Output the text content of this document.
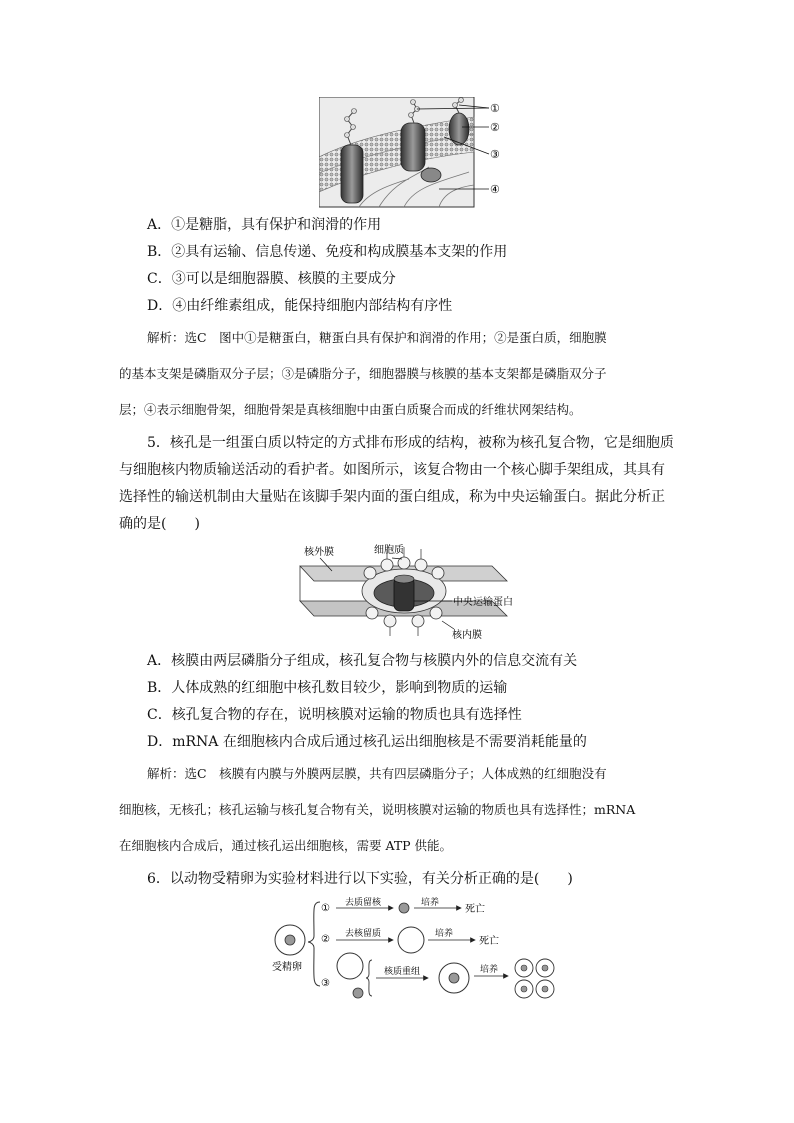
①
②
③
④
A．①是糖脂，具有保护和润滑的作用
B．②具有运输、信息传递、免疫和构成膜基本支架的作用
C．③可以是细胞器膜、核膜的主要成分
D．④由纤维素组成，能保持细胞内部结构有序性
解析：选C　图中①是糖蛋白，糖蛋白具有保护和润滑的作用；②是蛋白质，细胞膜
的基本支架是磷脂双分子层；③是磷脂分子，细胞器膜与核膜的基本支架都是磷脂双分子
层；④表示细胞骨架，细胞骨架是真核细胞中由蛋白质聚合而成的纤维状网架结构。
5．核孔是一组蛋白质以特定的方式排布形成的结构，被称为核孔复合物，它是细胞质
与细胞核内物质输送活动的看护者。如图所示，该复合物由一个核心脚手架组成，其具有
选择性的输送机制由大量贴在该脚手架内面的蛋白组成，称为中央运输蛋白。据此分析正
确的是(　　)
核外膜	细胞质
中央运输蛋白
核内膜
A．核膜由两层磷脂分子组成，核孔复合物与核膜内外的信息交流有关
B．人体成熟的红细胞中核孔数目较少，影响到物质的运输
C．核孔复合物的存在，说明核膜对运输的物质也具有选择性
D．mRNA 在细胞核内合成后通过核孔运出细胞核是不需要消耗能量的
解析：选C　核膜有内膜与外膜两层膜，共有四层磷脂分子；人体成熟的红细胞没有
细胞核，无核孔；核孔运输与核孔复合物有关，说明核膜对运输的物质也具有选择性；mRNA
在细胞核内合成后，通过核孔运出细胞核，需要 ATP 供能。
6．以动物受精卵为实验材料进行以下实验，有关分析正确的是(　　)
受精卵
①
②
③
去质留核	培养
死亡
去核留质	培养
死亡
核质重组	培养
